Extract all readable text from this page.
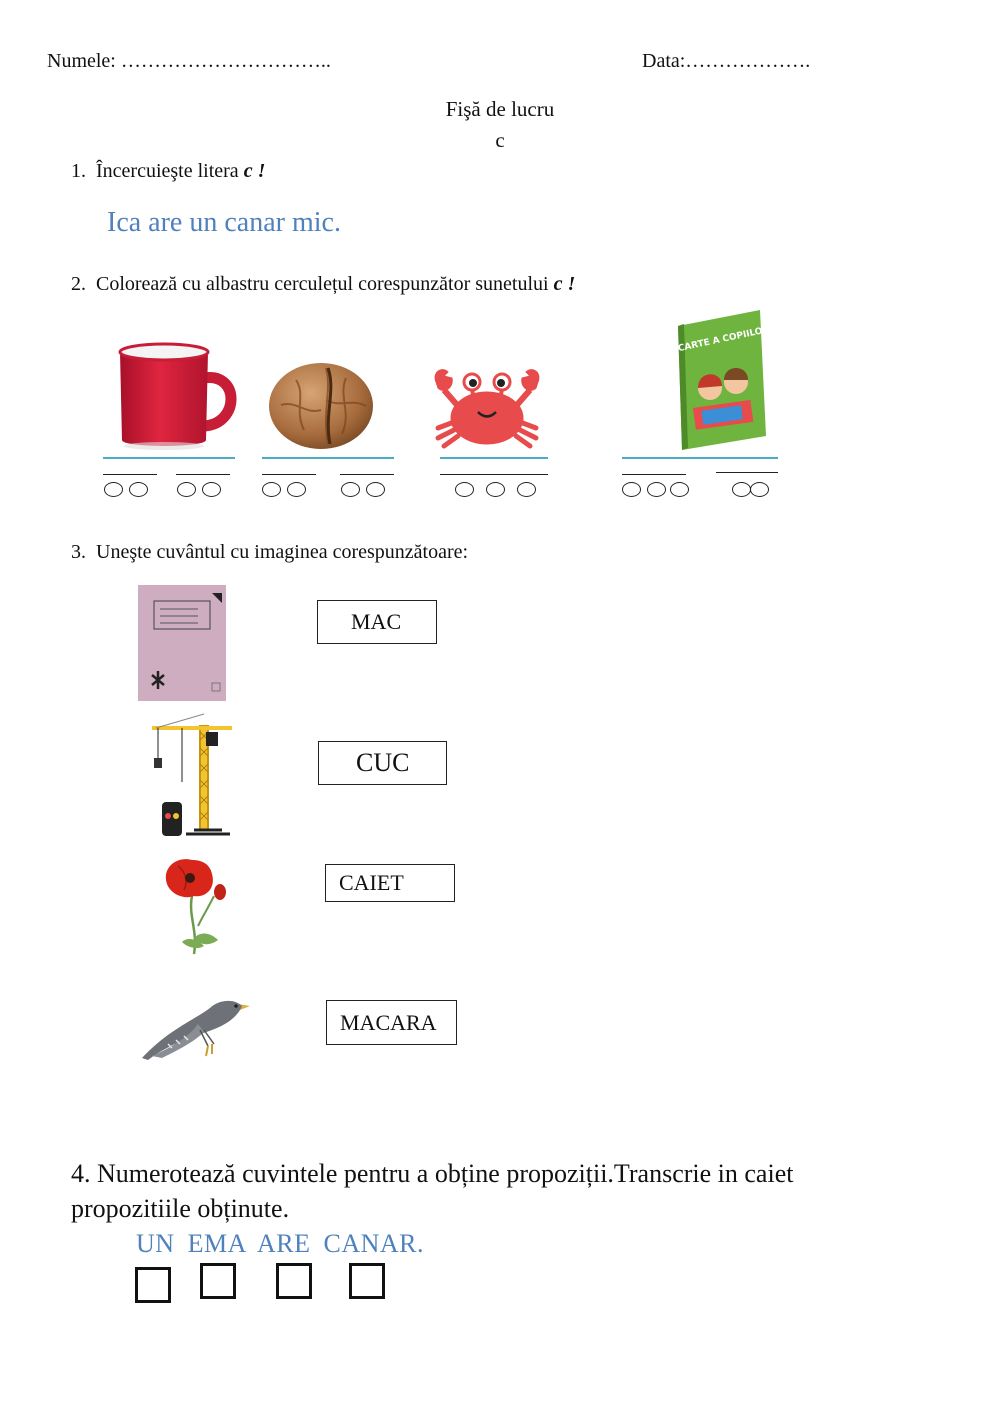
Numele: …………………………..	Data:……………….
Fişă de lucru
c
1. Încercuieşte litera c !
Ica are un canar mic.
2. Colorează cu albastru cerculețul corespunzător sunetului c !
MAREA CARTE A COPIILOR ISTEȚI
3. Uneşte cuvântul cu imaginea corespunzătoare:
MAC
CUC
CAIET
MACARA
4. Numerotează cuvintele pentru a obține propoziții.Transcrie in caiet
propozitiile obținute.
UN EMA ARE CANAR.
